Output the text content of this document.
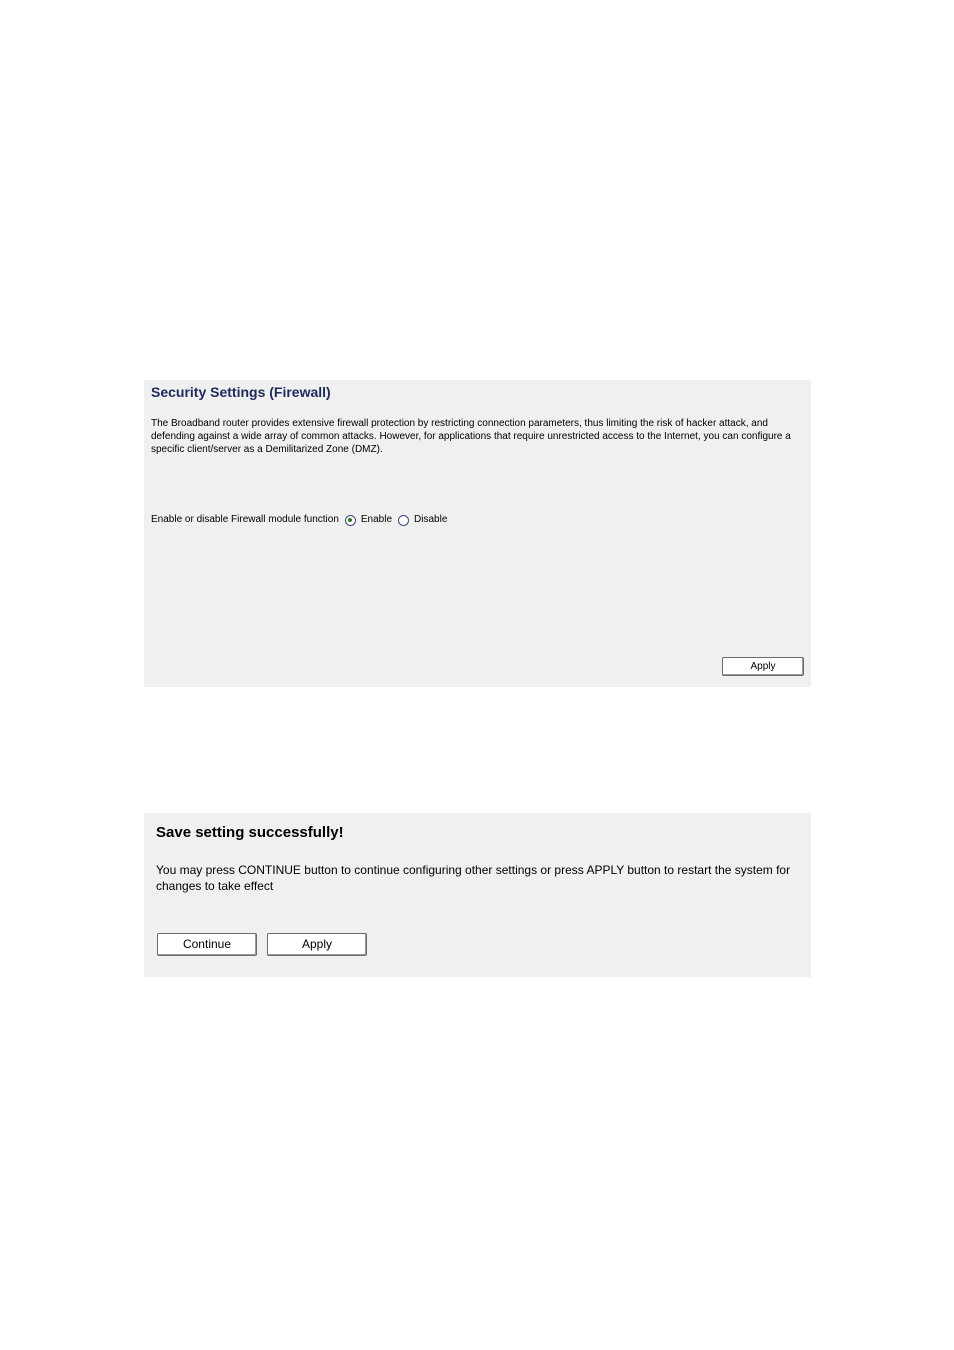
Security Settings (Firewall)

The Broadband router provides extensive firewall protection by restricting connection parameters, thus limiting the risk of hacker attack, and defending against a wide array of common attacks. However, for applications that require unrestricted access to the Internet, you can configure a specific client/server as a Demilitarized Zone (DMZ).

Enable or disable Firewall module function Enable Disable
Apply
Save setting successfully!

You may press CONTINUE button to continue configuring other settings or press APPLY button to restart the system for changes to take effect

Continue	Apply
